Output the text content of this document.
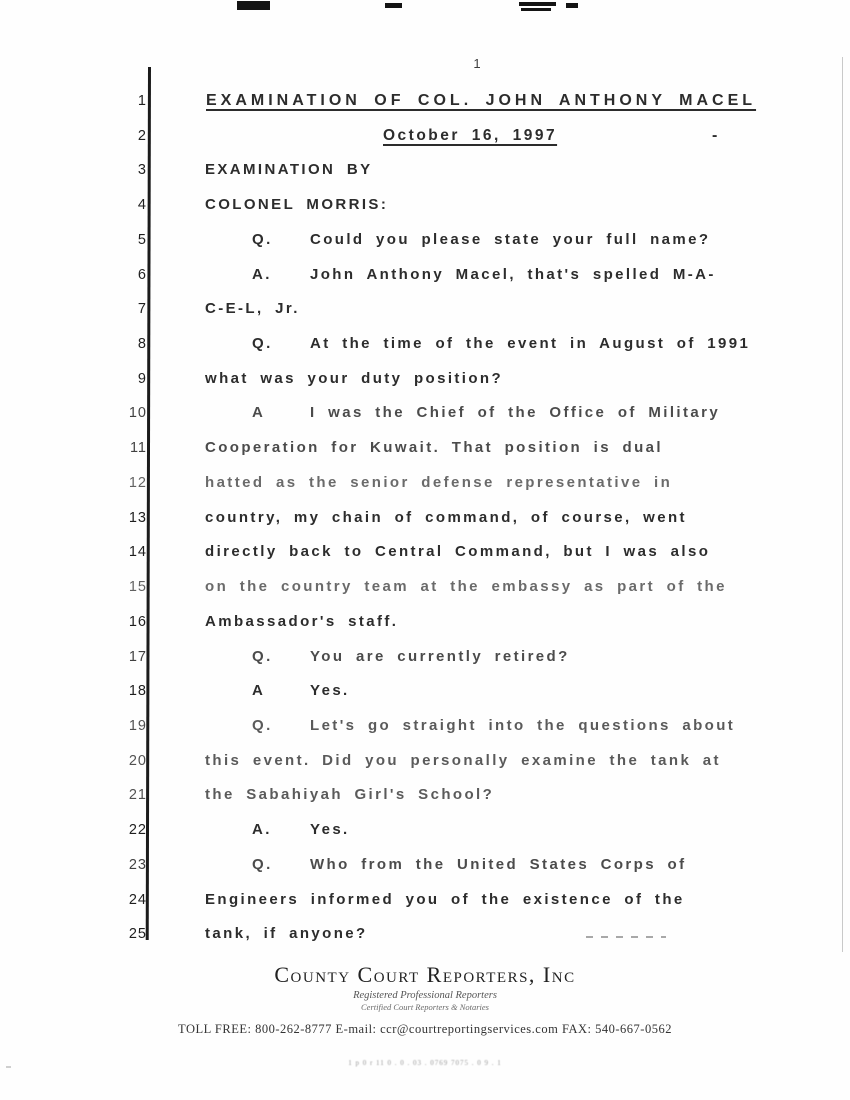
1
1	EXAMINATION OF COL. JOHN ANTHONY MACEL
2	October 16, 1997	-
3	EXAMINATION BY
4	COLONEL MORRIS:
5	Q. Could you please state your full name?
6	A.	John Anthony Macel, that's spelled M-A-
7	C-E-L, Jr.
8	Q. At the time of the event in August of 1991
9	what was your duty position?
10	A	I was the Chief of the Office of Military
11	Cooperation for Kuwait. That position is dual
12	hatted as the senior defense representative in
13	country, my chain of command, of course, went
14	directly back to Central Command, but I was also
15	on the country team at the embassy as part of the
16	Ambassador's staff.
17	Q. You are currently retired?
18	A	Yes.
19	Q. Let's go straight into the questions about
20	this event. Did you personally examine the tank at
21	the Sabahiyah Girl's School?
22	A.	Yes.
23	Q. Who from the United States Corps of
24	Engineers informed you of the existence of the
25	tank, if anyone?
County Court Reporters, Inc
Registered Professional Reporters
Certified Court Reporters & Notaries
TOLL FREE: 800-262-8777 E-mail: ccr@courtreportingservices.com FAX: 540-667-0562
1 p 0 r 11 0 . 0 . 03 . 0769 7075 . 0 9 . 1
